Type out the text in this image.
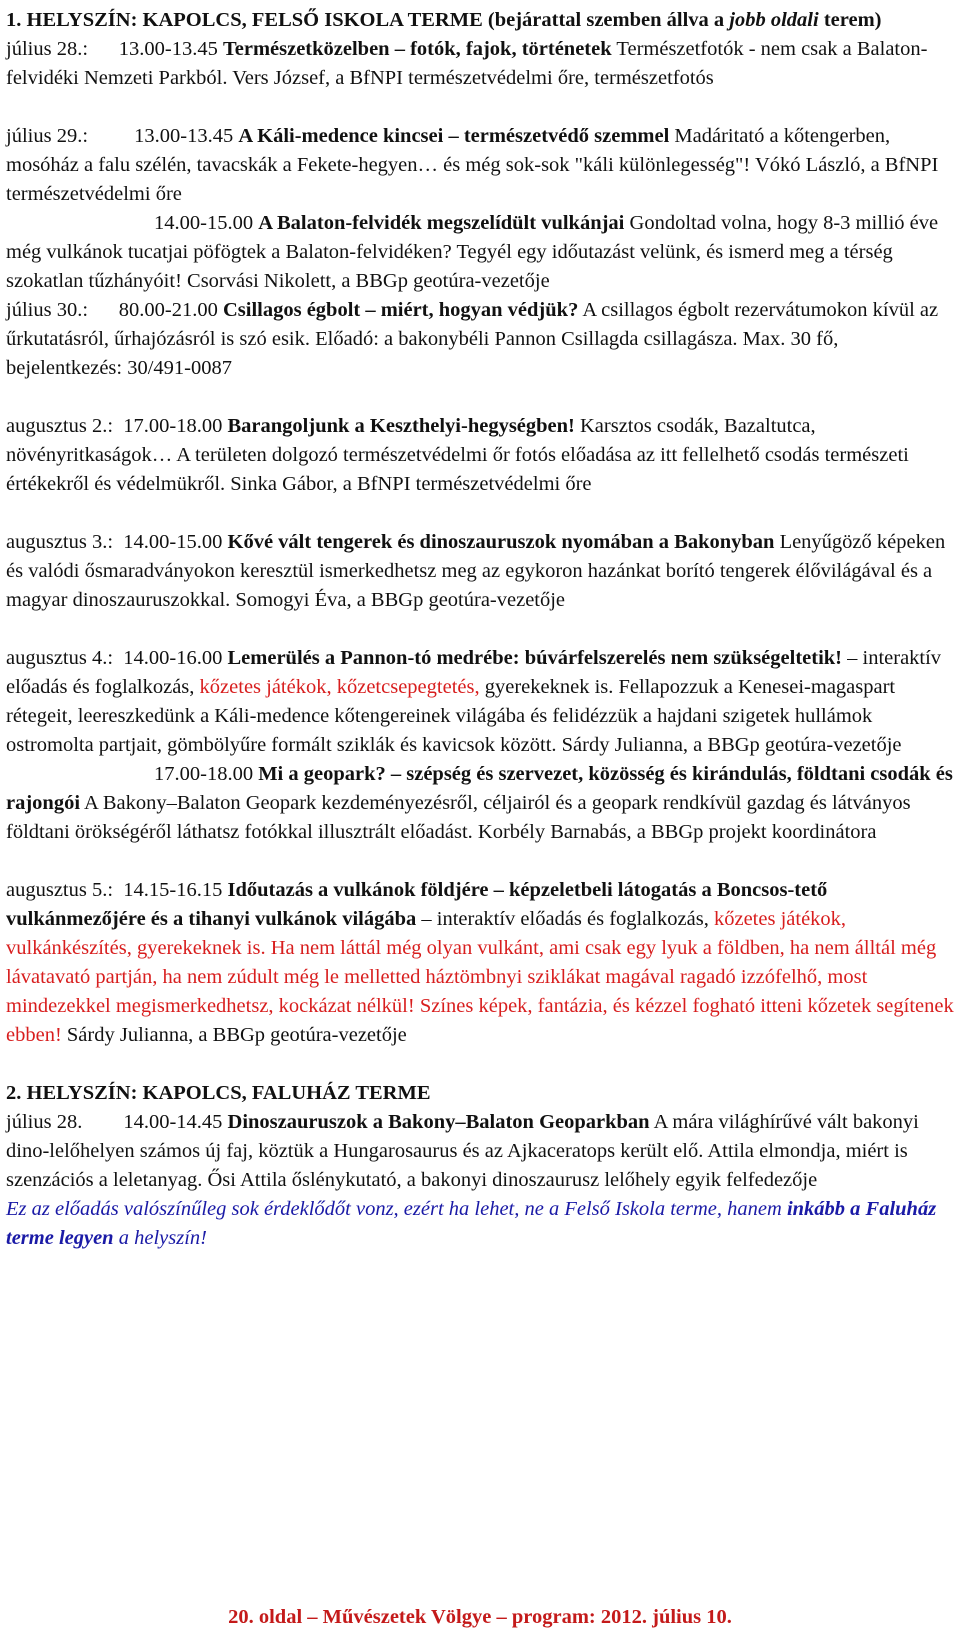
1. HELYSZÍN: KAPOLCS, FELSŐ ISKOLA TERME (bejárattal szemben állva a jobb oldali terem)

július 28.: 13.00-13.45 Természetközelben – fotók, fajok, történetek Természetfotók - nem csak a Balaton-felvidéki Nemzeti Parkból. Vers József, a BfNPI természetvédelmi őre, természetfotós

július 29.: 13.00-13.45 A Káli-medence kincsei – természetvédő szemmel Madáritató a kőtengerben, mosóház a falu szélén, tavacskák a Fekete-hegyen… és még sok-sok "káli különlegesség"! Vókó László, a BfNPI természetvédelmi őre

14.00-15.00 A Balaton-felvidék megszelídült vulkánjai Gondoltad volna, hogy 8-3 millió éve még vulkánok tucatjai pöfögtek a Balaton-felvidéken? Tegyél egy időutazást velünk, és ismerd meg a térség szokatlan tűzhányóit! Csorvási Nikolett, a BBGp geotúra-vezetője

július 30.: 80.00-21.00 Csillagos égbolt – miért, hogyan védjük? A csillagos égbolt rezervátumokon kívül az űrkutatásról, űrhajózásról is szó esik. Előadó: a bakonybéli Pannon Csillagda csillagásza. Max. 30 fő, bejelentkezés: 30/491-0087

augusztus 2.: 17.00-18.00 Barangoljunk a Keszthelyi-hegységben! Karsztos csodák, Bazaltutca, növényritkaságok… A területen dolgozó természetvédelmi őr fotós előadása az itt fellelhető csodás természeti értékekről és védelmükről. Sinka Gábor, a BfNPI természetvédelmi őre

augusztus 3.: 14.00-15.00 Kővé vált tengerek és dinoszauruszok nyomában a Bakonyban Lenyűgöző képeken és valódi ősmaradványokon keresztül ismerkedhetsz meg az egykoron hazánkat borító tengerek élővilágával és a magyar dinoszauruszokkal. Somogyi Éva, a BBGp geotúra-vezetője

augusztus 4.: 14.00-16.00 Lemerülés a Pannon-tó medrébe: búvárfelszerelés nem szükségeltetik! – interaktív előadás és foglalkozás, kőzetes játékok, kőzetcsepegtetés, gyerekeknek is. Fellapozzuk a Kenesei-magaspart rétegeit, leereszkedünk a Káli-medence kőtengereinek világába és felidézzük a hajdani szigetek hullámok ostromolta partjait, gömbölyűre formált sziklák és kavicsok között. Sárdy Julianna, a BBGp geotúra-vezetője

17.00-18.00 Mi a geopark? – szépség és szervezet, közösség és kirándulás, földtani csodák és rajongói A Bakony–Balaton Geopark kezdeményezésről, céljairól és a geopark rendkívül gazdag és látványos földtani örökségéről láthatsz fotókkal illusztrált előadást. Korbély Barnabás, a BBGp projekt koordinátora

augusztus 5.: 14.15-16.15 Időutazás a vulkánok földjére – képzeletbeli látogatás a Boncsos-tető vulkánmezőjére és a tihanyi vulkánok világába – interaktív előadás és foglalkozás, kőzetes játékok, vulkánkészítés, gyerekeknek is. Ha nem láttál még olyan vulkánt, ami csak egy lyuk a földben, ha nem álltál még lávatavató partján, ha nem zúdult még le melletted háztömbnyi sziklákat magával ragadó izzófelhő, most mindezekkel megismerkedhetsz, kockázat nélkül! Színes képek, fantázia, és kézzel fogható itteni kőzetek segítenek ebben! Sárdy Julianna, a BBGp geotúra-vezetője

2. HELYSZÍN: KAPOLCS, FALUHÁZ TERME

július 28. 14.00-14.45 Dinoszauruszok a Bakony–Balaton Geoparkban A mára világhírűvé vált bakonyi dino-lelőhelyen számos új faj, köztük a Hungarosaurus és az Ajkaceratops került elő. Attila elmondja, miért is szenzációs a leletanyag. Ősi Attila őslénykutató, a bakonyi dinoszaurusz lelőhely egyik felfedezője

Ez az előadás valószínűleg sok érdeklődőt vonz, ezért ha lehet, ne a Felső Iskola terme, hanem inkább a Faluház terme legyen a helyszín!

20. oldal – Művészetek Völgye – program: 2012. július 10.
